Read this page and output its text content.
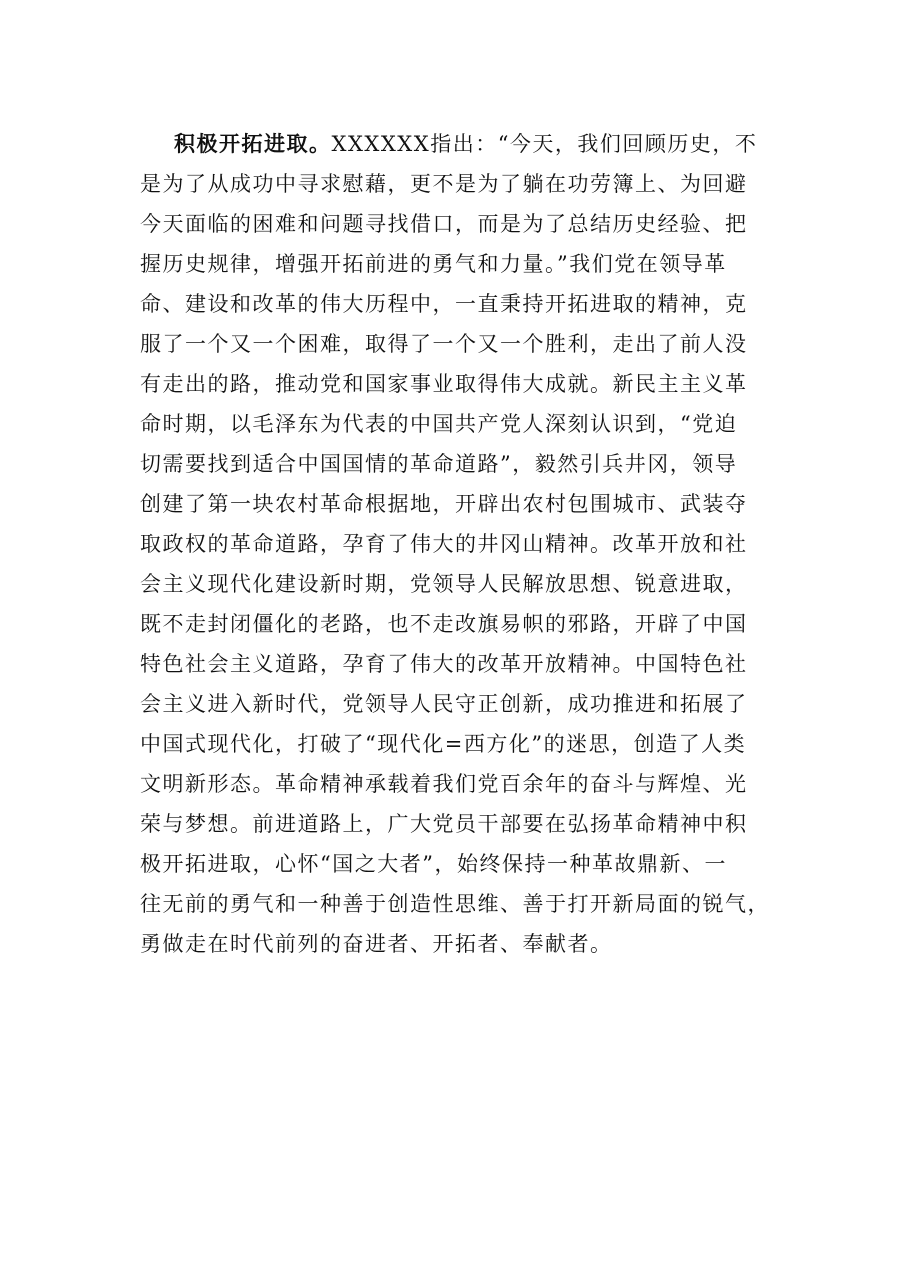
积极开拓进取。XXXXXX指出：“今天，我们回顾历史，不
是为了从成功中寻求慰藉，更不是为了躺在功劳簿上、为回避
今天面临的困难和问题寻找借口，而是为了总结历史经验、把
握历史规律，增强开拓前进的勇气和力量。”我们党在领导革
命、建设和改革的伟大历程中，一直秉持开拓进取的精神，克
服了一个又一个困难，取得了一个又一个胜利，走出了前人没
有走出的路，推动党和国家事业取得伟大成就。新民主主义革
命时期，以毛泽东为代表的中国共产党人深刻认识到，“党迫
切需要找到适合中国国情的革命道路”，毅然引兵井冈，领导
创建了第一块农村革命根据地，开辟出农村包围城市、武装夺
取政权的革命道路，孕育了伟大的井冈山精神。改革开放和社
会主义现代化建设新时期，党领导人民解放思想、锐意进取，
既不走封闭僵化的老路，也不走改旗易帜的邪路，开辟了中国
特色社会主义道路，孕育了伟大的改革开放精神。中国特色社
会主义进入新时代，党领导人民守正创新，成功推进和拓展了
中国式现代化，打破了“现代化=西方化”的迷思，创造了人类
文明新形态。革命精神承载着我们党百余年的奋斗与辉煌、光
荣与梦想。前进道路上，广大党员干部要在弘扬革命精神中积
极开拓进取，心怀“国之大者”，始终保持一种革故鼎新、一
往无前的勇气和一种善于创造性思维、善于打开新局面的锐气，
勇做走在时代前列的奋进者、开拓者、奉献者。
